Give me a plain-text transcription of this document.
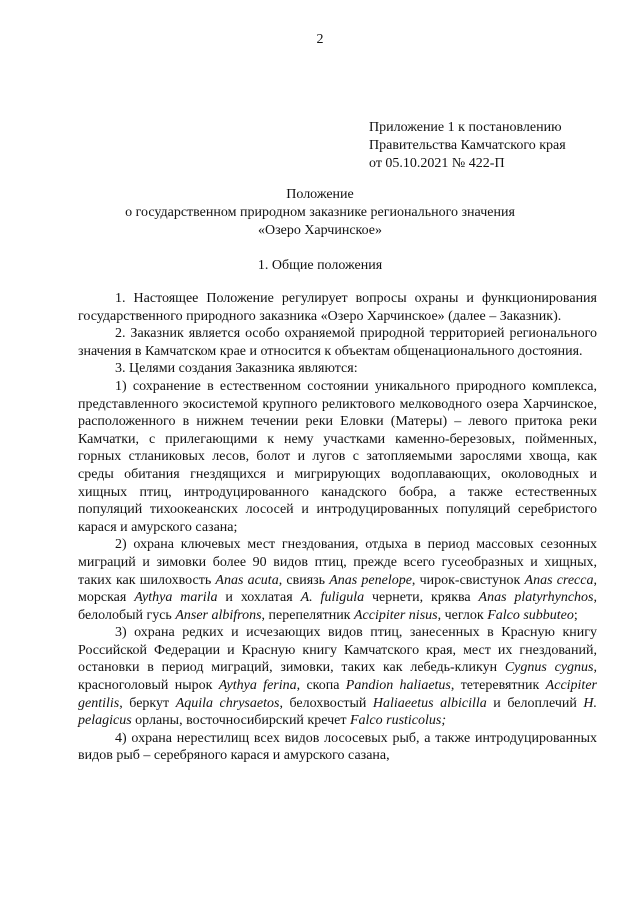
2
Приложение 1 к постановлению
Правительства Камчатского края
от 05.10.2021 № 422-П
Положение
о государственном природном заказнике регионального значения
«Озеро Харчинское»
1. Общие положения

1. Настоящее Положение регулирует вопросы охраны и функционирования государственного природного заказника «Озеро Харчинское» (далее – Заказник).

2. Заказник является особо охраняемой природной территорией регионального значения в Камчатском крае и относится к объектам общенационального достояния.

3. Целями создания Заказника являются:

1) сохранение в естественном состоянии уникального природного комплекса, представленного экосистемой крупного реликтового мелководного озера Харчинское, расположенного в нижнем течении реки Еловки (Матеры) – левого притока реки Камчатки, с прилегающими к нему участками каменно-березовых, пойменных, горных стланиковых лесов, болот и лугов с затопляемыми зарослями хвоща, как среды обитания гнездящихся и мигрирующих водоплавающих, околоводных и хищных птиц, интродуцированного канадского бобра, а также естественных популяций тихоокеанских лососей и интродуцированных популяций серебристого карася и амурского сазана;

2) охрана ключевых мест гнездования, отдыха в период массовых сезонных миграций и зимовки более 90 видов птиц, прежде всего гусеобразных и хищных, таких как шилохвость Anas acuta, свиязь Anas penelope, чирок-свистунок Anas crecca, морская Aythya marila и хохлатая A. fuligula чернети, кряква Anas platyrhynchos, белолобый гусь Anser albifrons, перепелятник Accipiter nisus, чеглок Falco subbuteo;

3) охрана редких и исчезающих видов птиц, занесенных в Красную книгу Российской Федерации и Красную книгу Камчатского края, мест их гнездований, остановки в период миграций, зимовки, таких как лебедь-кликун Cygnus cygnus, красноголовый нырок Aythya ferina, скопа Pandion haliaetus, тетеревятник Accipiter gentilis, беркут Aquila chrysaetos, белохвостый Haliaeetus albicilla и белоплечий H. pelagicus орланы, восточносибирский кречет Falco rusticolus;

4) охрана нерестилищ всех видов лососевых рыб, а также интродуцированных видов рыб – серебряного карася и амурского сазана,
